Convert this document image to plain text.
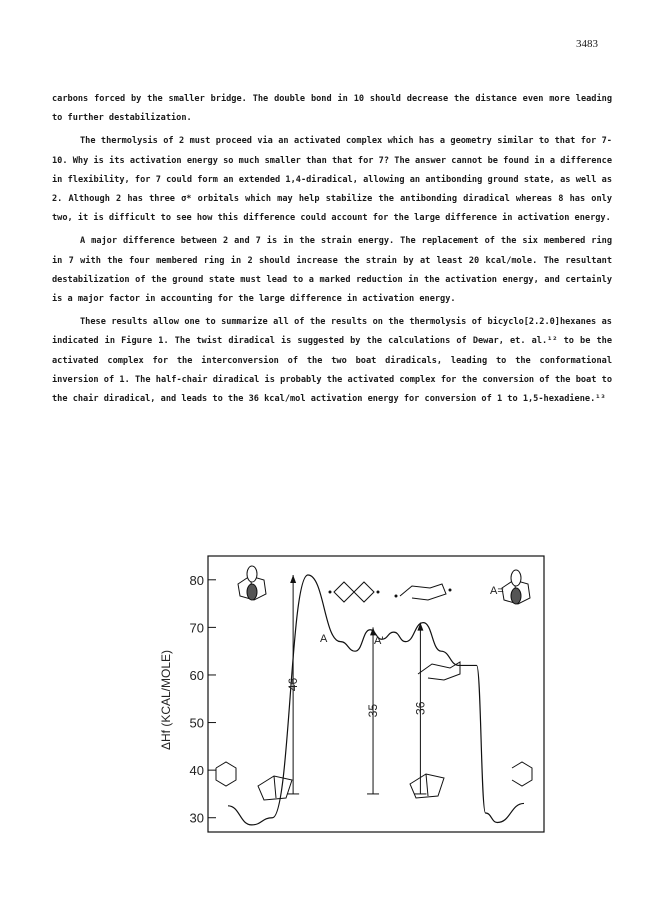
3483

carbons forced by the smaller bridge. The double bond in 10 should decrease the distance even more leading to further destabilization.

The thermolysis of 2 must proceed via an activated complex which has a geometry similar to that for 7-10. Why is its activation energy so much smaller than that for 7? The answer cannot be found in a difference in flexibility, for 7 could form an extended 1,4-diradical, allowing an antibonding ground state, as well as 2. Although 2 has three σ* orbitals which may help stabilize the antibonding diradical whereas 8 has only two, it is difficult to see how this difference could account for the large difference in activation energy.

A major difference between 2 and 7 is in the strain energy. The replacement of the six membered ring in 7 with the four membered ring in 2 should increase the strain by at least 20 kcal/mole. The resultant destabilization of the ground state must lead to a marked reduction in the activation energy, and certainly is a major factor in accounting for the large difference in activation energy.

These results allow one to summarize all of the results on the thermolysis of bicyclo[2.2.0]hexanes as indicated in Figure 1. The twist diradical is suggested by the calculations of Dewar, et. al.¹² to be the activated complex for the interconversion of the two boat diradicals, leading to the conformational inversion of 1. The half-chair diradical is probably the activated complex for the conversion of the boat to the chair diradical, and leads to the 36 kcal/mol activation energy for conversion of 1 to 1,5-hexadiene.¹³

ΔHf (KCAL/MOLE)
80
70
60
50
40
30
46
35	36
A	A'
A=
